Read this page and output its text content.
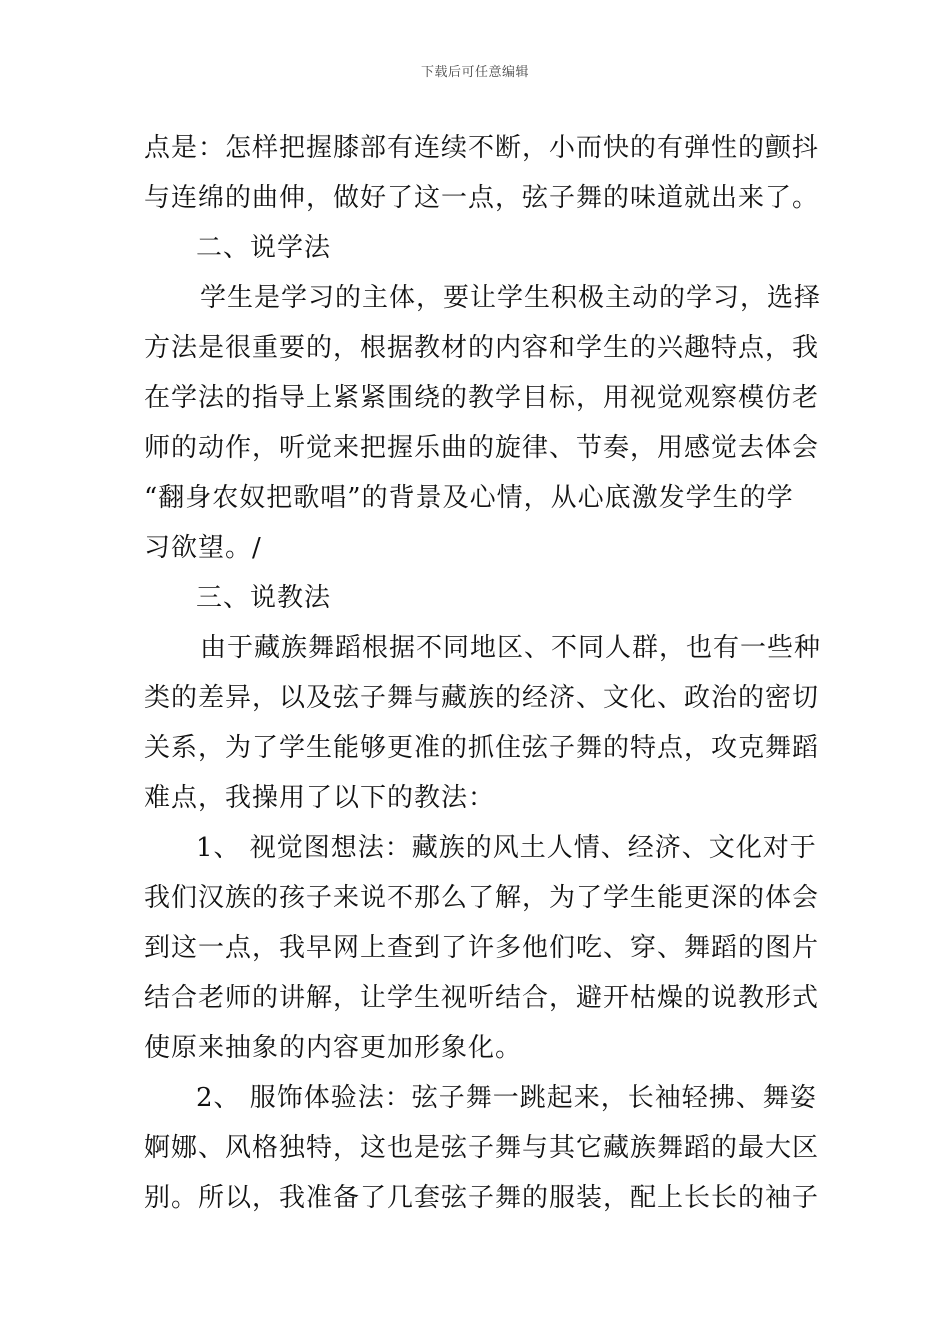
下载后可任意编辑
点是：怎样把握膝部有连续不断，小而快的有弹性的颤抖
与连绵的曲伸，做好了这一点，弦子舞的味道就出来了。
二、说学法
学生是学习的主体，要让学生积极主动的学习，选择
方法是很重要的，根据教材的内容和学生的兴趣特点，我
在学法的指导上紧紧围绕的教学目标，用视觉观察模仿老
师的动作，听觉来把握乐曲的旋律、节奏，用感觉去体会
“翻身农奴把歌唱”的背景及心情，从心底激发学生的学
习欲望。/
三、说教法
由于藏族舞蹈根据不同地区、不同人群，也有一些种
类的差异，以及弦子舞与藏族的经济、文化、政治的密切
关系，为了学生能够更准的抓住弦子舞的特点，攻克舞蹈
难点，我操用了以下的教法：
1、 视觉图想法：藏族的风土人情、经济、文化对于
我们汉族的孩子来说不那么了解，为了学生能更深的体会
到这一点，我早网上查到了许多他们吃、穿、舞蹈的图片
结合老师的讲解，让学生视听结合，避开枯燥的说教形式
使原来抽象的内容更加形象化。
2、 服饰体验法：弦子舞一跳起来，长袖轻拂、舞姿
婀娜、风格独特，这也是弦子舞与其它藏族舞蹈的最大区
别。所以，我准备了几套弦子舞的服装，配上长长的袖子
